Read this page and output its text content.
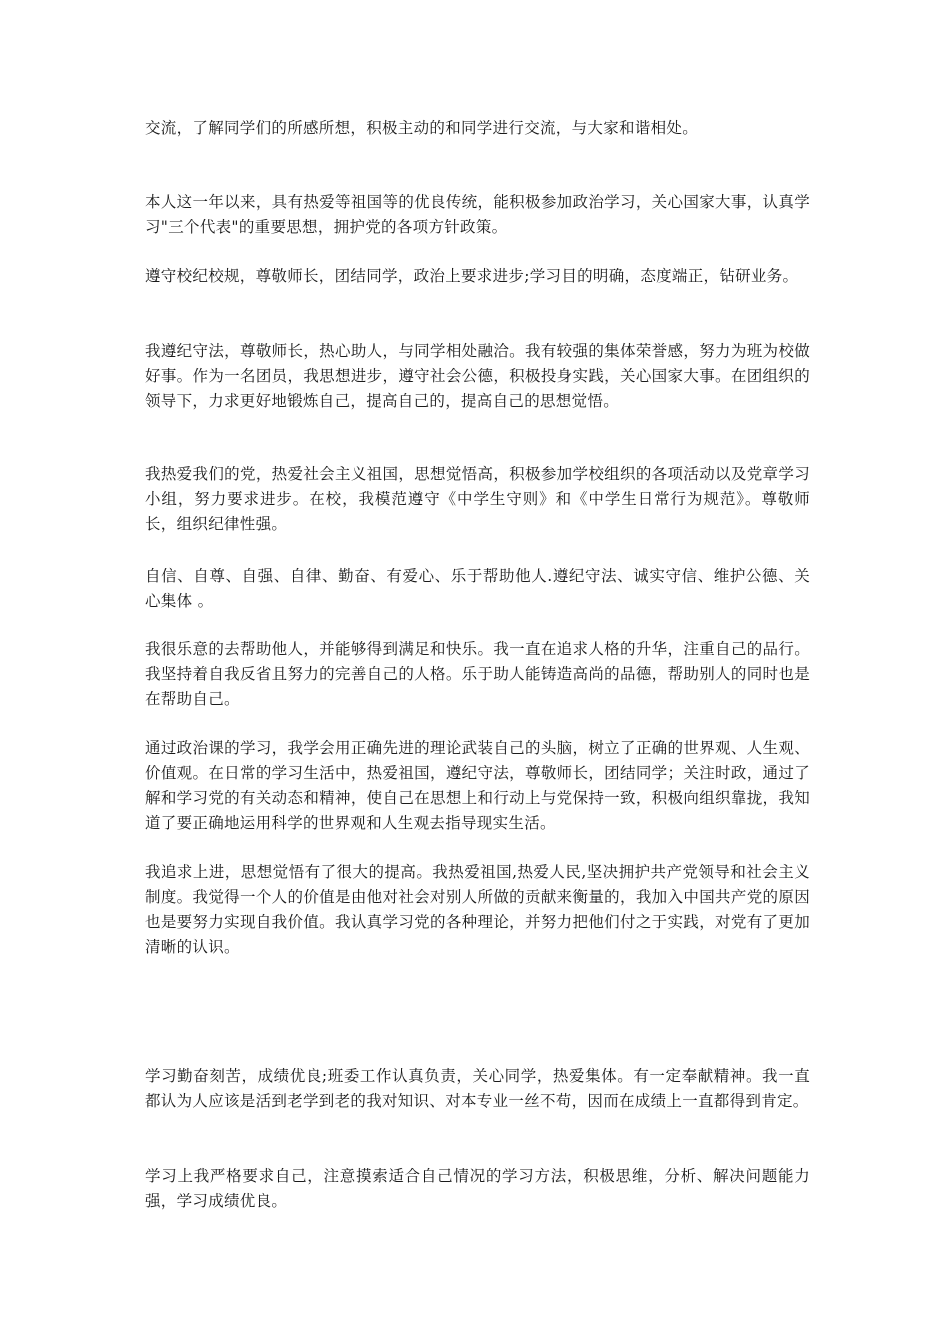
交流，了解同学们的所感所想，积极主动的和同学进行交流，与大家和谐相处。

本人这一年以来，具有热爱等祖国等的优良传统，能积极参加政治学习，关心国家大事，认真学习"三个代表"的重要思想，拥护党的各项方针政策。

遵守校纪校规，尊敬师长，团结同学，政治上要求进步;学习目的明确，态度端正，钻研业务。

我遵纪守法，尊敬师长，热心助人，与同学相处融洽。我有较强的集体荣誉感，努力为班为校做好事。作为一名团员，我思想进步，遵守社会公德，积极投身实践，关心国家大事。在团组织的领导下，力求更好地锻炼自己，提高自己的，提高自己的思想觉悟。

我热爱我们的党，热爱社会主义祖国，思想觉悟高，积极参加学校组织的各项活动以及党章学习小组，努力要求进步。在校，我模范遵守《中学生守则》和《中学生日常行为规范》。尊敬师长，组织纪律性强。

自信、自尊、自强、自律、勤奋、有爱心、乐于帮助他人.遵纪守法、诚实守信、维护公德、关心集体 。

我很乐意的去帮助他人，并能够得到满足和快乐。我一直在追求人格的升华，注重自己的品行。我坚持着自我反省且努力的完善自己的人格。乐于助人能铸造高尚的品德，帮助别人的同时也是在帮助自己。

通过政治课的学习，我学会用正确先进的理论武装自己的头脑，树立了正确的世界观、人生观、价值观。在日常的学习生活中，热爱祖国，遵纪守法，尊敬师长，团结同学；关注时政，通过了解和学习党的有关动态和精神，使自己在思想上和行动上与党保持一致，积极向组织靠拢，我知道了要正确地运用科学的世界观和人生观去指导现实生活。

我追求上进，思想觉悟有了很大的提高。我热爱祖国,热爱人民,坚决拥护共产党领导和社会主义制度。我觉得一个人的价值是由他对社会对别人所做的贡献来衡量的，我加入中国共产党的原因也是要努力实现自我价值。我认真学习党的各种理论，并努力把他们付之于实践，对党有了更加清晰的认识。

学习勤奋刻苦，成绩优良;班委工作认真负责，关心同学，热爱集体。有一定奉献精神。我一直都认为人应该是活到老学到老的我对知识、对本专业一丝不苟，因而在成绩上一直都得到肯定。

学习上我严格要求自己，注意摸索适合自己情况的学习方法，积极思维，分析、解决问题能力强，学习成绩优良。
